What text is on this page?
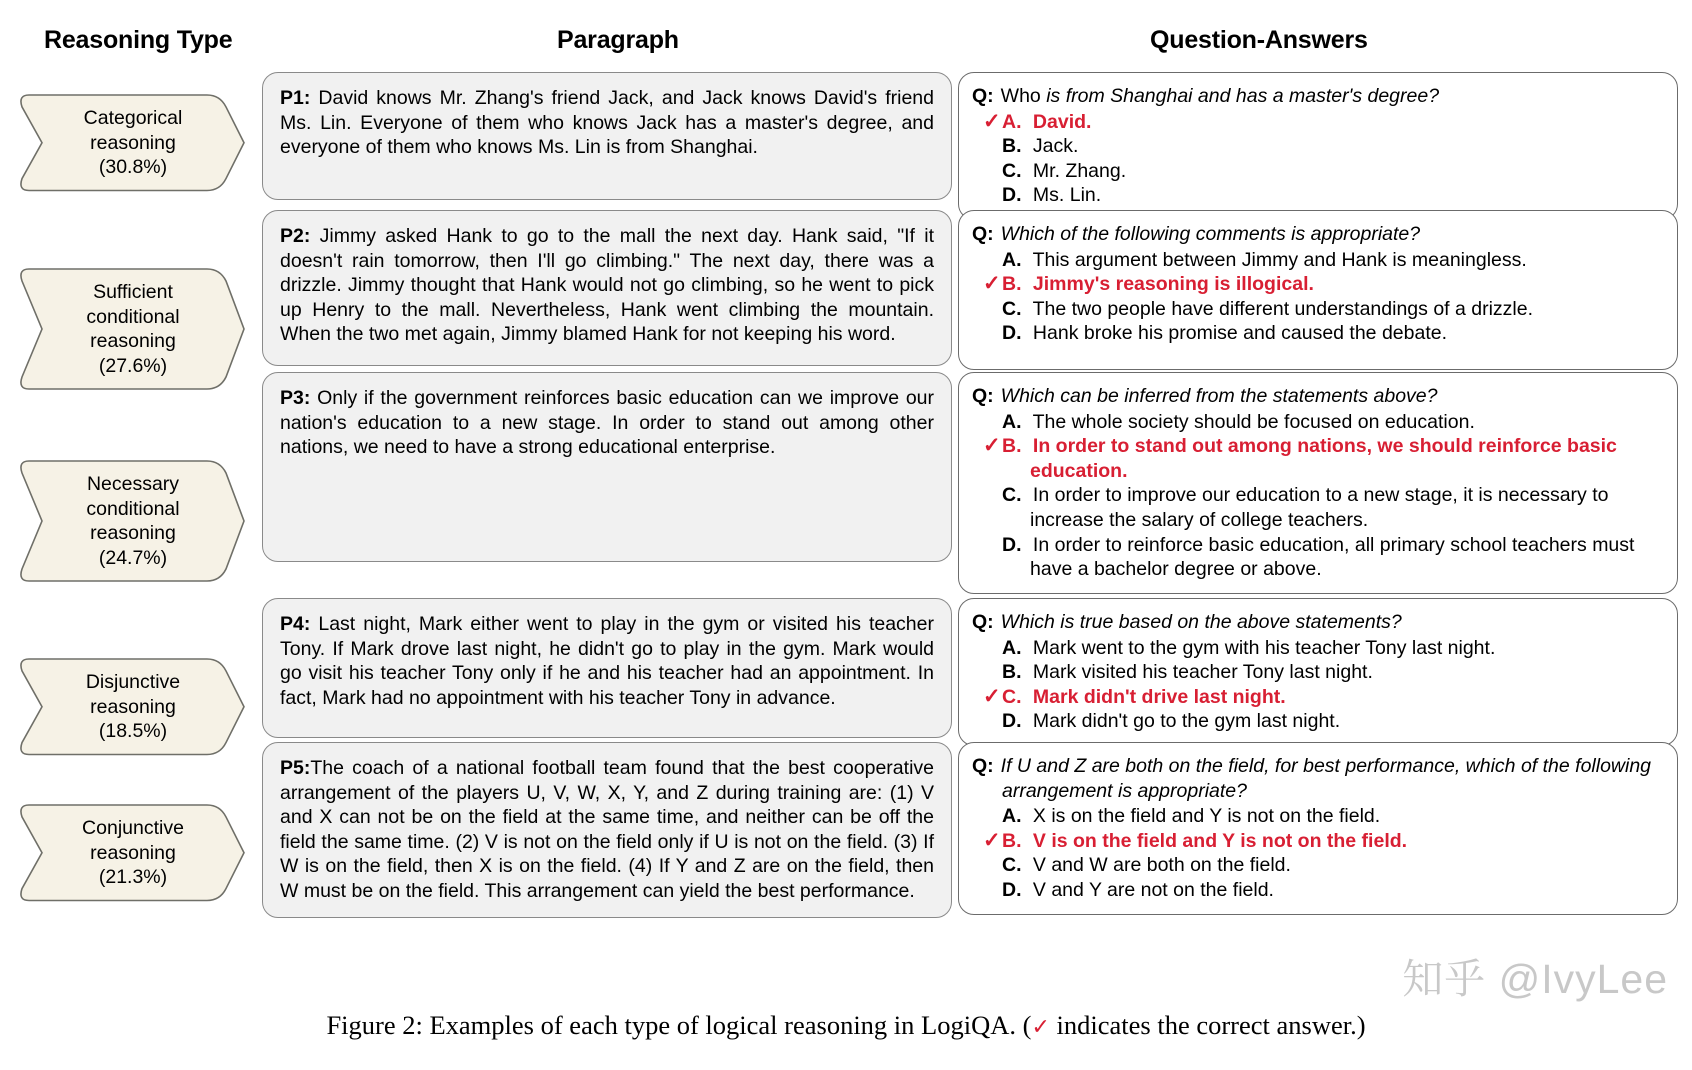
Reasoning Type	Paragraph	Question-Answers
Categorical reasoning
(30.8%)
P1: David knows Mr. Zhang's friend Jack, and Jack knows David's friend Ms. Lin. Everyone of them who knows Jack has a master's degree, and everyone of them who knows Ms. Lin is from Shanghai.
Q: Who is from Shanghai and has a master's degree?
✓ A. David.
B. Jack.
C. Mr. Zhang.
D. Ms. Lin.
Sufficient conditional reasoning
(27.6%)
P2: Jimmy asked Hank to go to the mall the next day. Hank said, "If it doesn't rain tomorrow, then I'll go climbing." The next day, there was a drizzle. Jimmy thought that Hank would not go climbing, so he went to pick up Henry to the mall. Nevertheless, Hank went climbing the mountain. When the two met again, Jimmy blamed Hank for not keeping his word.
Q: Which of the following comments is appropriate?
A. This argument between Jimmy and Hank is meaningless.
✓ B. Jimmy's reasoning is illogical.
C. The two people have different understandings of a drizzle.
D. Hank broke his promise and caused the debate.
Necessary conditional reasoning
(24.7%)
P3: Only if the government reinforces basic education can we improve our nation's education to a new stage. In order to stand out among other nations, we need to have a strong educational enterprise.
Q: Which can be inferred from the statements above?
A. The whole society should be focused on education.
✓ B. In order to stand out among nations, we should reinforce basic education.
C. In order to improve our education to a new stage, it is necessary to increase the salary of college teachers.
D. In order to reinforce basic education, all primary school teachers must have a bachelor degree or above.
Disjunctive reasoning
(18.5%)
P4: Last night, Mark either went to play in the gym or visited his teacher Tony. If Mark drove last night, he didn't go to play in the gym. Mark would go visit his teacher Tony only if he and his teacher had an appointment. In fact, Mark had no appointment with his teacher Tony in advance.
Q: Which is true based on the above statements?
A. Mark went to the gym with his teacher Tony last night.
B. Mark visited his teacher Tony last night.
✓ C. Mark didn't drive last night.
D. Mark didn't go to the gym last night.
Conjunctive reasoning
(21.3%)
P5:The coach of a national football team found that the best cooperative arrangement of the players U, V, W, X, Y, and Z during training are: (1) V and X can not be on the field at the same time, and neither can be off the field the same time. (2) V is not on the field only if U is not on the field. (3) If W is on the field, then X is on the field. (4) If Y and Z are on the field, then W must be on the field. This arrangement can yield the best performance.
Q: If U and Z are both on the field, for best performance, which of the following arrangement is appropriate?
A. X is on the field and Y is not on the field.
✓ B. V is on the field and Y is not on the field.
C. V and W are both on the field.
D. V and Y are not on the field.
Figure 2: Examples of each type of logical reasoning in LogiQA. (✓ indicates the correct answer.)
知乎 @IvyLee
